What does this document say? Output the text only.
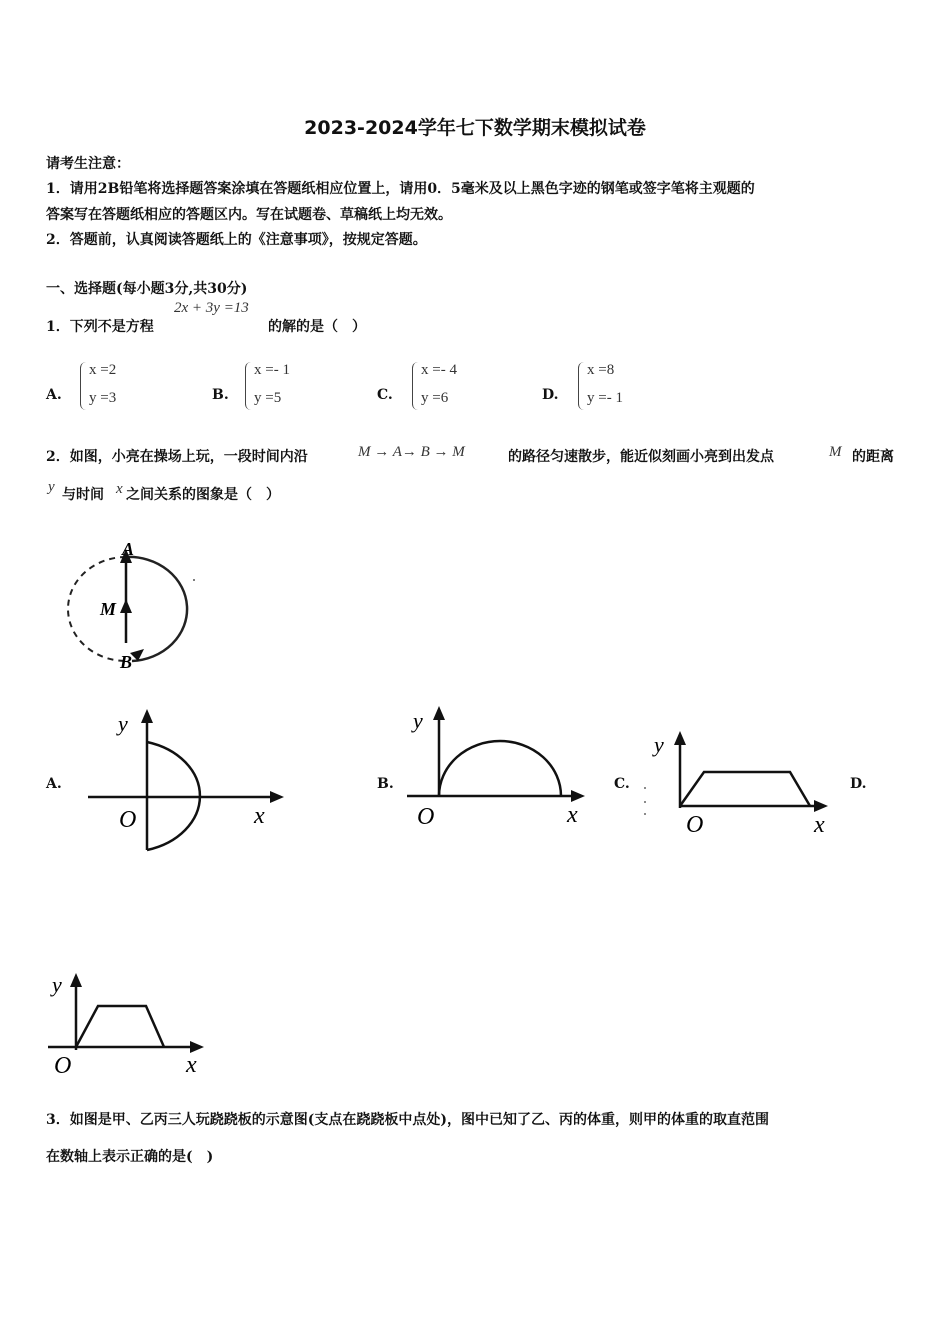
2023-2024学年七下数学期末模拟试卷
请考生注意：
1．请用2B铅笔将选择题答案涂填在答题纸相应位置上，请用0．5毫米及以上黑色字迹的钢笔或签字笔将主观题的
答案写在答题纸相应的答题区内。写在试题卷、草稿纸上均无效。
2．答题前，认真阅读答题纸上的《注意事项》，按规定答题。
一、选择题(每小题3分,共30分)
1．下列不是方程
2x + 3y =13
的解的是（　）
A.
x =2
y =3	B.
x =- 1
y =5	C.
x =- 4
y =6	D.
x =8
y =- 1
2．如图，小亮在操场上玩，一段时间内沿	M → A→ B → M	的路径匀速散步，能近似刻画小亮到出发点	M 的距离
y 与时间 x 之间关系的图象是（　）
A
M
B
A.
y
O	x
B.
y
O	x
C.
y
O	x
D.
y
O	x
3．如图是甲、乙丙三人玩跷跷板的示意图(支点在跷跷板中点处)，图中已知了乙、丙的体重，则甲的体重的取直范围
在数轴上表示正确的是(　)
